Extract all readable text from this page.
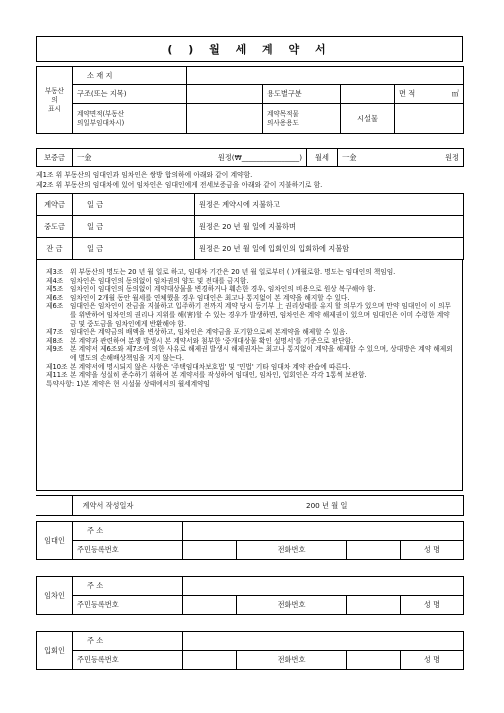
( ) 월 세 계 약 서
부동산
의
표시	소 재 지				
	구조(또는 지목)		용도별구분		면 적 ㎡

	계약면적(부동산
의일부임대차시)		계약목적물
의사용용도	시설물	
보증금	一金	원정(₩________________)	월세	一金	원정
제1조 위 부동산의 임대인과 임차인은 쌍방 합의하에 아래와 같이 계약함.
제2조 위 부동산의 임대차에 있어 임차인은 임대인에게 전세보증금을 아래와 같이 지불하기로 함.
계약금	일 금	원정은 계약시에 지불하고
중도금	일 금	원정은 20 년 월 일에 지불하며
잔 금	일 금	원정은 20 년 월 일에 입회인의 입회하에 지불함

제3조	위 부동산의 명도는 20 년 월 일로 하고, 임대차 기간은 20 년 월 일로부터 ( )개월로함. 명도는 임대인의 책임임.

제4조	임차인은 임대인의 동의없이 임차권의 양도 및 전대를 금지함.

제5조	임차인이 임대인의 동의없이 계약대상물을 변경하거나 훼손한 경우, 임차인의 비용으로 원상 복구해야 함.

제6조	임차인이 2개월 동안 월세를 연체했을 경우 임대인은 최고나 통지없이 본 계약을 해지할 수 있다.

제6조	임대인은 임차인이 잔금을 지불하고 입주하기 전까지 계약 당시 등기부 上 권리상태를 유지 할 의무가 있으며 만약 임대인이 이 의무를 위반하여 임차인의 권리나 지위를 해(害)할 수 있는 경우가 발생하면, 임차인은 계약 해제권이 있으며 임대인은 이미 수령한 계약금 및 중도금을 임차인에게 반환해야 함.

제7조	임대인은 계약금의 배액을 변상하고, 임차인은 계약금을 포기함으로써 본계약을 해제할 수 있음.

제8조	본 계약과 관련하여 분쟁 발생시 본 계약서와 첨부한 '중개대상물 확인 설명서'를 기준으로 판단함.

제9조	본 계약서 제6조와 제7조에 의한 사유로 해제권 발생시 해제권자는 최고나 통지없이 계약을 해제할 수 있으며, 상대방은 계약 해제외에 별도의 손해배상책임을 지지 않는다.

제10조 본 계약서에 명시되지 않은 사항은 '주택임대차보호법' 및 '민법' 기타 임대차 계약 관습에 따른다.

제11조 본 계약을 성실히 준수하기 위하여 본 계약서를 작성하여 임대인, 임차인, 입회인은 각각 1통씩 보관함.

특약사항: 1)본 계약은 현 시설물 상태에서의 월세계약임

	계약서 작성일자	200 년 월 일
임대인	주 소					
	주민등록번호		전화번호		성 명	

임차인	주 소					
	주민등록번호		전화번호		성 명	

입회인	주 소					
	주민등록번호		전화번호		성 명	
